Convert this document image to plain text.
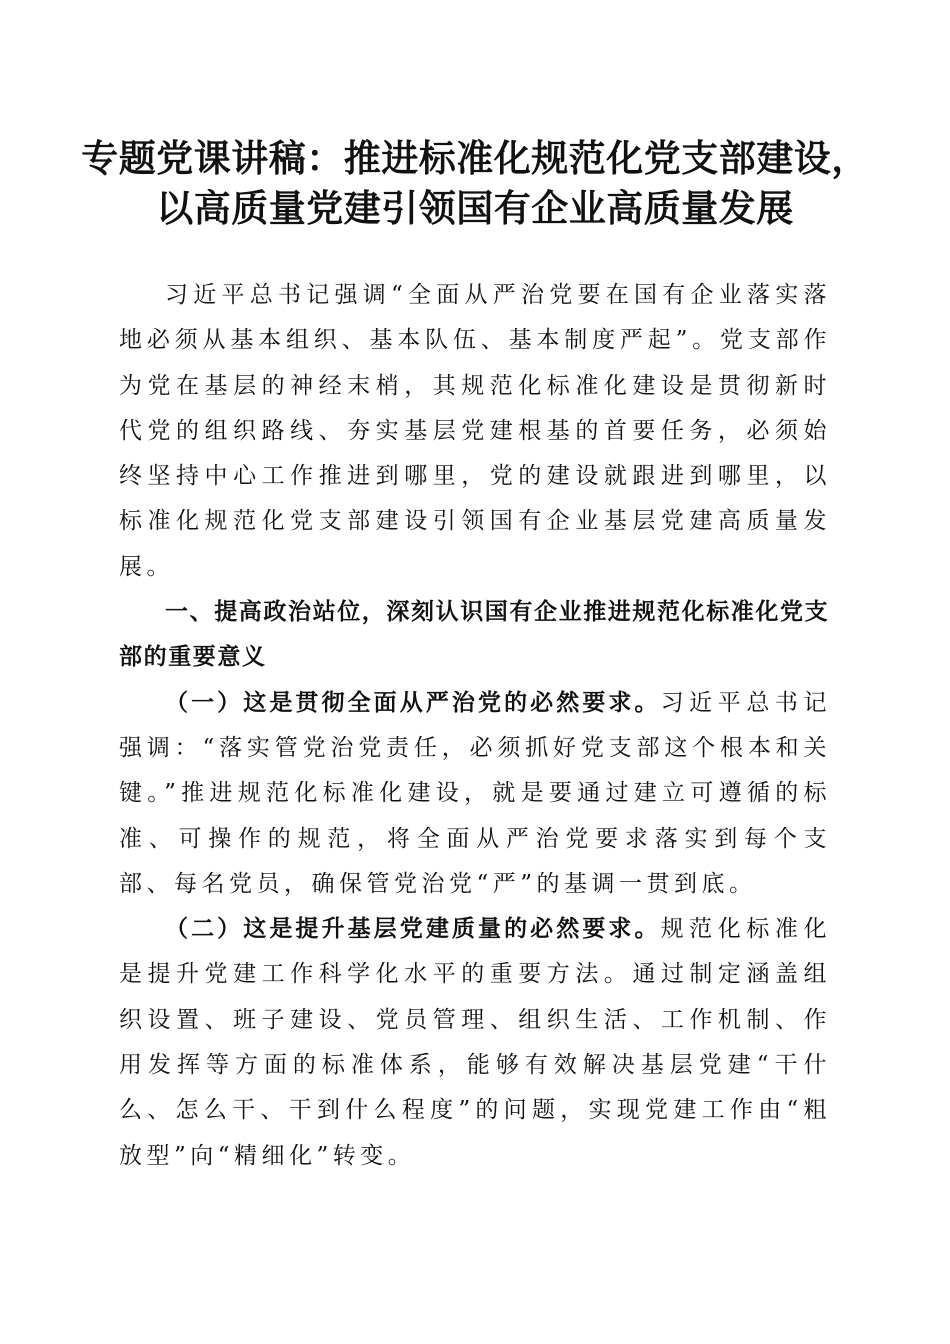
专题党课讲稿：推进标准化规范化党支部建设，
以高质量党建引领国有企业高质量发展

习近平总书记强调“全面从严治党要在国有企业落实落地必须从基本组织、基本队伍、基本制度严起”。党支部作为党在基层的神经末梢，其规范化标准化建设是贯彻新时代党的组织路线、夯实基层党建根基的首要任务，必须始终坚持中心工作推进到哪里，党的建设就跟进到哪里，以标准化规范化党支部建设引领国有企业基层党建高质量发展。

一、提高政治站位，深刻认识国有企业推进规范化标准化党支部的重要意义

（一）这是贯彻全面从严治党的必然要求。习近平总书记强调：“落实管党治党责任，必须抓好党支部这个根本和关键。”推进规范化标准化建设，就是要通过建立可遵循的标准、可操作的规范，将全面从严治党要求落实到每个支部、每名党员，确保管党治党“严”的基调一贯到底。

（二）这是提升基层党建质量的必然要求。规范化标准化是提升党建工作科学化水平的重要方法。通过制定涵盖组织设置、班子建设、党员管理、组织生活、工作机制、作用发挥等方面的标准体系，能够有效解决基层党建“干什么、怎么干、干到什么程度”的问题，实现党建工作由“粗放型”向“精细化”转变。
